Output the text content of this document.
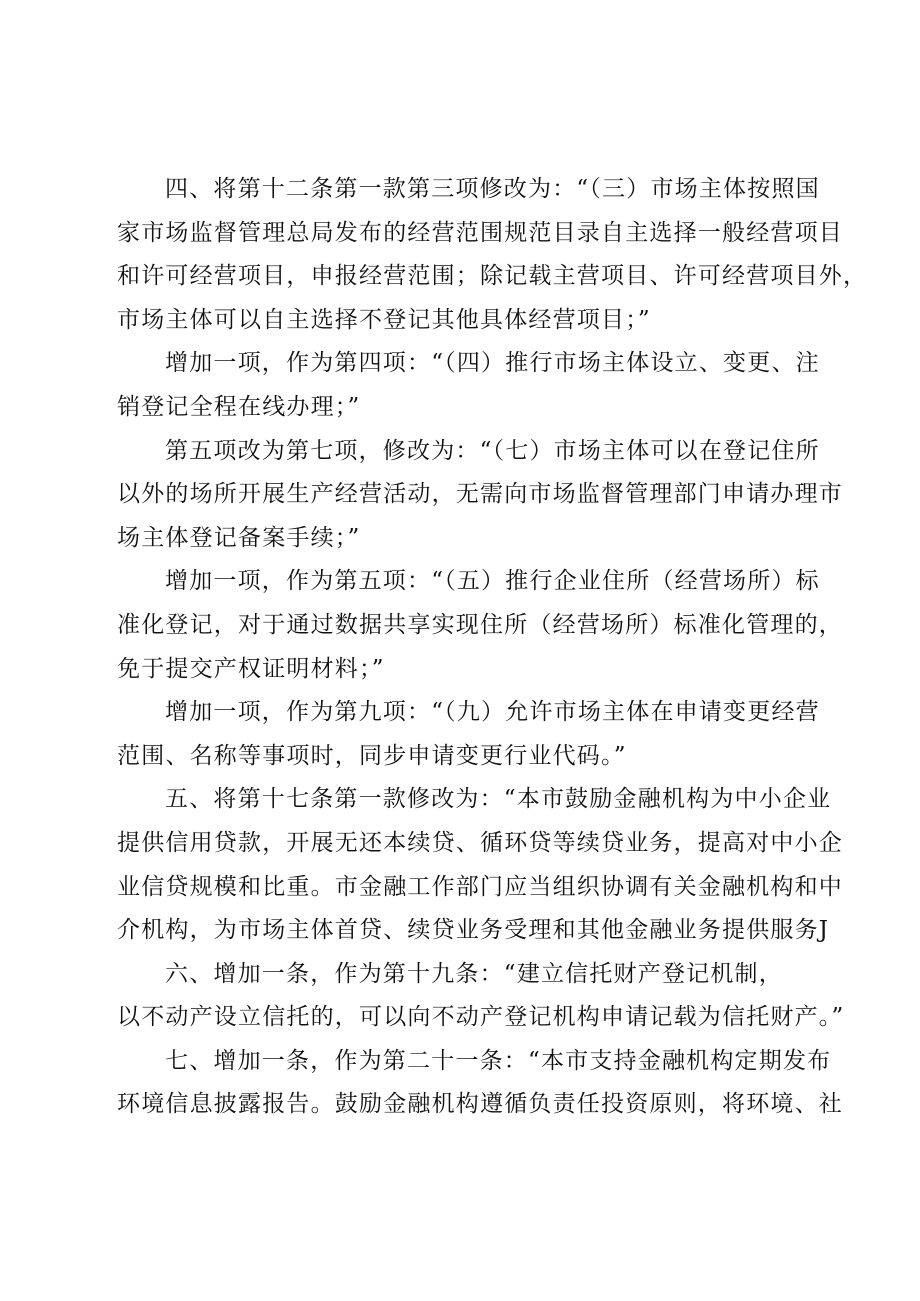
四、将第十二条第一款第三项修改为：“（三）市场主体按照国
家市场监督管理总局发布的经营范围规范目录自主选择一般经营项目
和许可经营项目，申报经营范围；除记载主营项目、许可经营项目外，
市场主体可以自主选择不登记其他具体经营项目；”
增加一项，作为第四项：“（四）推行市场主体设立、变更、注
销登记全程在线办理；”
第五项改为第七项，修改为：“（七）市场主体可以在登记住所
以外的场所开展生产经营活动，无需向市场监督管理部门申请办理市
场主体登记备案手续；”
增加一项，作为第五项：“（五）推行企业住所（经营场所）标
准化登记，对于通过数据共享实现住所（经营场所）标准化管理的，
免于提交产权证明材料；”
增加一项，作为第九项：“（九）允许市场主体在申请变更经营
范围、名称等事项时，同步申请变更行业代码。”
五、将第十七条第一款修改为：“本市鼓励金融机构为中小企业
提供信用贷款，开展无还本续贷、循环贷等续贷业务，提高对中小企
业信贷规模和比重。市金融工作部门应当组织协调有关金融机构和中
介机构，为市场主体首贷、续贷业务受理和其他金融业务提供服务J
六、增加一条，作为第十九条：“建立信托财产登记机制，
以不动产设立信托的，可以向不动产登记机构申请记载为信托财产。”
七、增加一条，作为第二十一条：“本市支持金融机构定期发布
环境信息披露报告。鼓励金融机构遵循负责任投资原则，将环境、社
